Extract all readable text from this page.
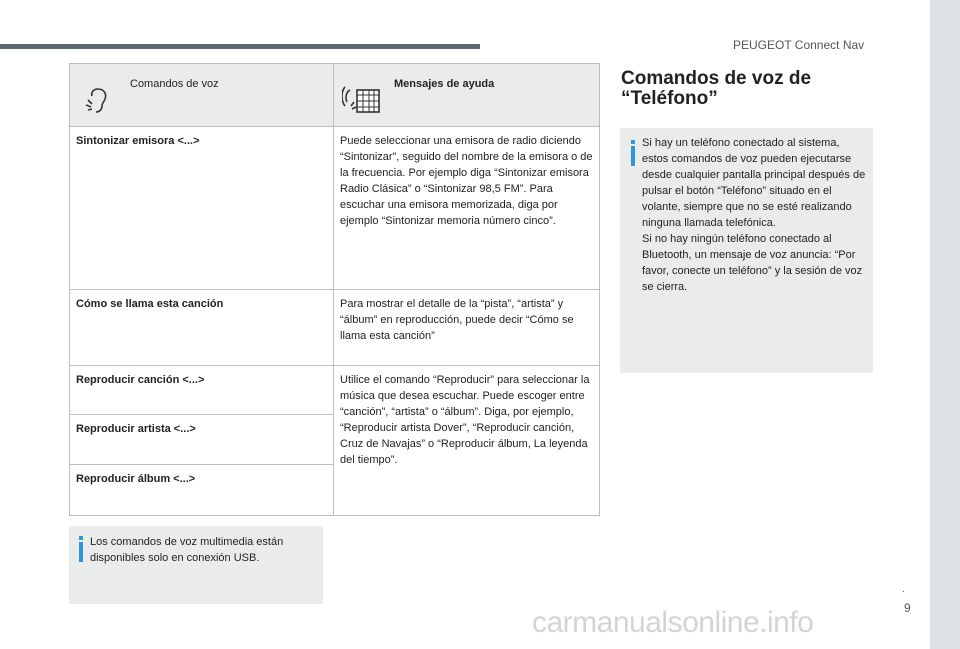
PEUGEOT Connect Nav
Comandos de voz	Mensajes de ayuda

Sintonizar emisora <...>	Puede seleccionar una emisora de radio diciendo “Sintonizar”, seguido del nombre de la emisora o de la frecuencia. Por ejemplo diga “Sintonizar emisora Radio Clásica” o “Sintonizar 98,5 FM”. Para escuchar una emisora memorizada, diga por ejemplo “Sintonizar memoria número cinco”.
Cómo se llama esta canción	Para mostrar el detalle de la “pista”, “artista” y “álbum” en reproducción, puede decir “Cómo se llama esta canción”
Reproducir canción <...>	Utilice el comando “Reproducir” para seleccionar la música que desea escuchar. Puede escoger entre “canción”, “artista” o “álbum”. Diga, por ejemplo, “Reproducir artista Dover”, “Reproducir canción, Cruz de Navajas” o “Reproducir álbum, La leyenda del tiempo”.
Reproducir artista <...>	
Reproducir álbum <...>	
Los comandos de voz multimedia están disponibles solo en conexión USB.
Comandos de voz de “Teléfono”
Si hay un teléfono conectado al sistema, estos comandos de voz pueden ejecutarse desde cualquier pantalla principal después de pulsar el botón “Teléfono” situado en el volante, siempre que no se esté realizando ninguna llamada telefónica.
Si no hay ningún teléfono conectado al Bluetooth, un mensaje de voz anuncia: “Por favor, conecte un teléfono” y la sesión de voz se cierra.
.
9
carmanualsonline.info
